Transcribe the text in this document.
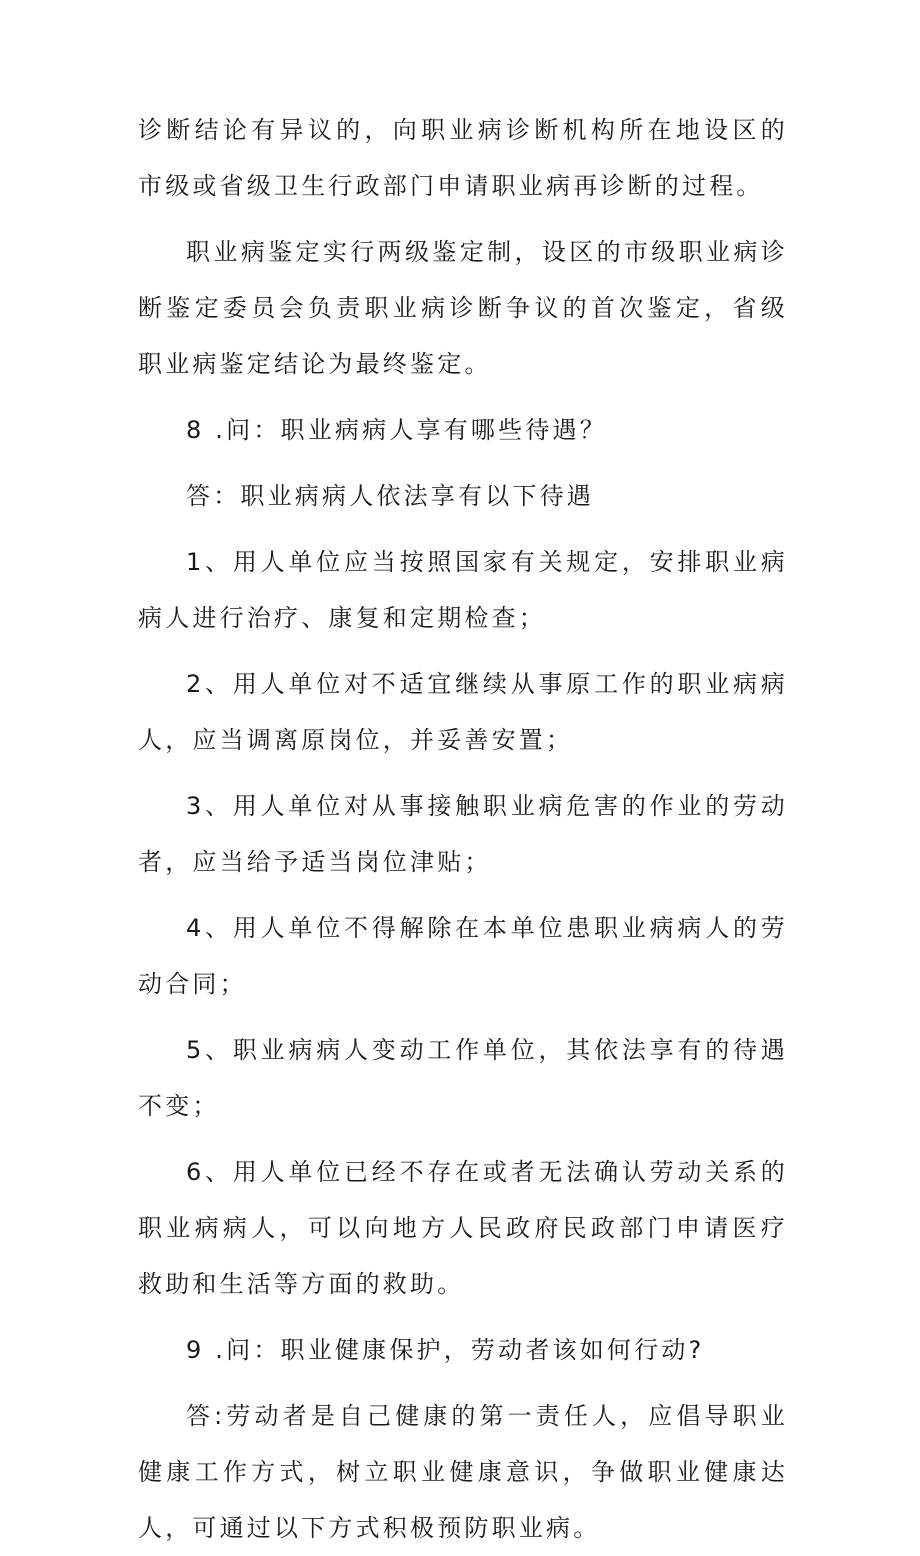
诊断结论有异议的，向职业病诊断机构所在地设区的市级或省级卫生行政部门申请职业病再诊断的过程。

职业病鉴定实行两级鉴定制，设区的市级职业病诊断鉴定委员会负责职业病诊断争议的首次鉴定，省级职业病鉴定结论为最终鉴定。

8 .问：职业病病人享有哪些待遇？

答：职业病病人依法享有以下待遇

1、用人单位应当按照国家有关规定，安排职业病病人进行治疗、康复和定期检查；

2、用人单位对不适宜继续从事原工作的职业病病人，应当调离原岗位，并妥善安置；

3、用人单位对从事接触职业病危害的作业的劳动者，应当给予适当岗位津贴；

4、用人单位不得解除在本单位患职业病病人的劳动合同；

5、职业病病人变动工作单位，其依法享有的待遇不变；

6、用人单位已经不存在或者无法确认劳动关系的职业病病人，可以向地方人民政府民政部门申请医疗救助和生活等方面的救助。

9 .问：职业健康保护，劳动者该如何行动?

答:劳动者是自己健康的第一责任人，应倡导职业健康工作方式，树立职业健康意识，争做职业健康达人，可通过以下方式积极预防职业病。
